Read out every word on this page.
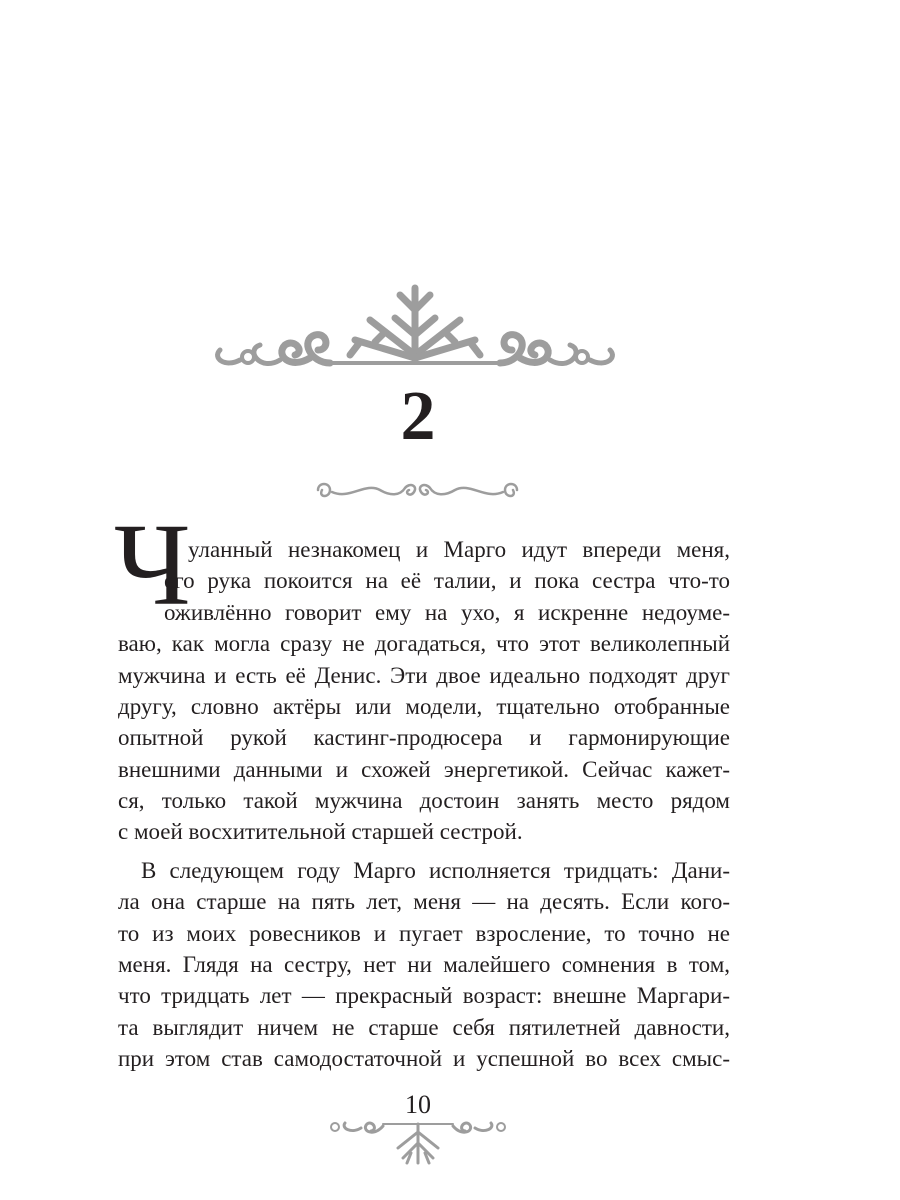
2
Ч
уланный незнакомец и Марго идут впереди меня,
его рука покоится на её талии, и пока сестра что-то
оживлённо говорит ему на ухо, я искренне недоуме-
ваю, как могла сразу не догадаться, что этот великолепный
мужчина и есть её Денис. Эти двое идеально подходят друг
другу, словно актёры или модели, тщательно отобранные
опытной рукой кастинг-продюсера и гармонирующие
внешними данными и схожей энергетикой. Сейчас кажет-
ся, только такой мужчина достоин занять место рядом
с моей восхитительной старшей сестрой.
В следующем году Марго исполняется тридцать: Дани-
ла она старше на пять лет, меня — на десять. Если кого-
то из моих ровесников и пугает взросление, то точно не
меня. Глядя на сестру, нет ни малейшего сомнения в том,
что тридцать лет — прекрасный возраст: внешне Маргари-
та выглядит ничем не старше себя пятилетней давности,
при этом став самодостаточной и успешной во всех смыс-
10
